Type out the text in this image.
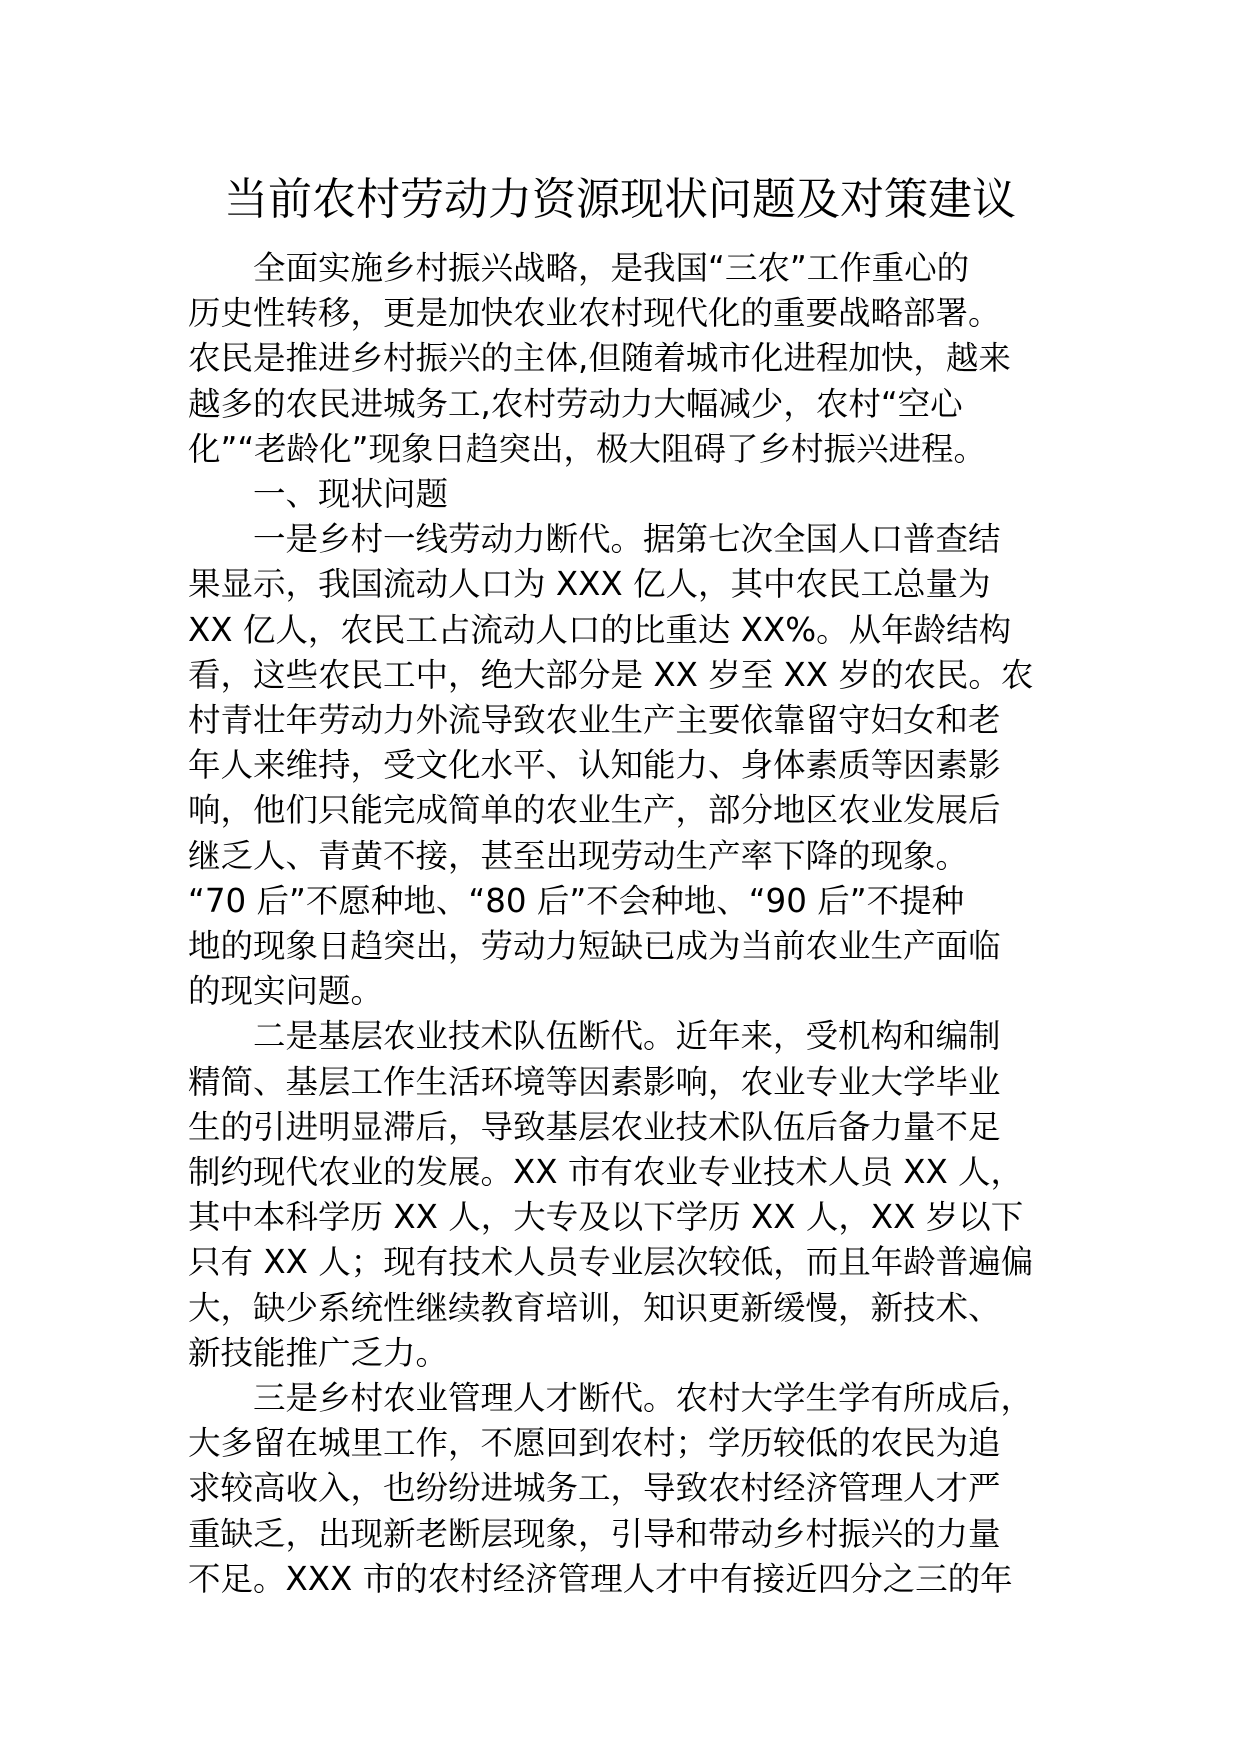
当前农村劳动力资源现状问题及对策建议

全面实施乡村振兴战略，是我国“三农”工作重心的
历史性转移，更是加快农业农村现代化的重要战略部署。
农民是推进乡村振兴的主体,但随着城市化进程加快，越来
越多的农民进城务工,农村劳动力大幅减少，农村“空心
化”“老龄化”现象日趋突出，极大阻碍了乡村振兴进程。

一、现状问题

一是乡村一线劳动力断代。据第七次全国人口普查结
果显示，我国流动人口为 XXX 亿人，其中农民工总量为
XX 亿人，农民工占流动人口的比重达 XX%。从年龄结构
看，这些农民工中，绝大部分是 XX 岁至 XX 岁的农民。农
村青壮年劳动力外流导致农业生产主要依靠留守妇女和老
年人来维持，受文化水平、认知能力、身体素质等因素影
响，他们只能完成简单的农业生产，部分地区农业发展后
继乏人、青黄不接，甚至出现劳动生产率下降的现象。
“70 后”不愿种地、“80 后”不会种地、“90 后”不提种
地的现象日趋突出，劳动力短缺已成为当前农业生产面临
的现实问题。

二是基层农业技术队伍断代。近年来，受机构和编制
精简、基层工作生活环境等因素影响，农业专业大学毕业
生的引进明显滞后，导致基层农业技术队伍后备力量不足
制约现代农业的发展。XX 市有农业专业技术人员 XX 人，
其中本科学历 XX 人，大专及以下学历 XX 人，XX 岁以下
只有 XX 人；现有技术人员专业层次较低，而且年龄普遍偏
大，缺少系统性继续教育培训，知识更新缓慢，新技术、
新技能推广乏力。

三是乡村农业管理人才断代。农村大学生学有所成后，
大多留在城里工作，不愿回到农村；学历较低的农民为追
求较高收入，也纷纷进城务工，导致农村经济管理人才严
重缺乏，出现新老断层现象，引导和带动乡村振兴的力量
不足。XXX 市的农村经济管理人才中有接近四分之三的年
